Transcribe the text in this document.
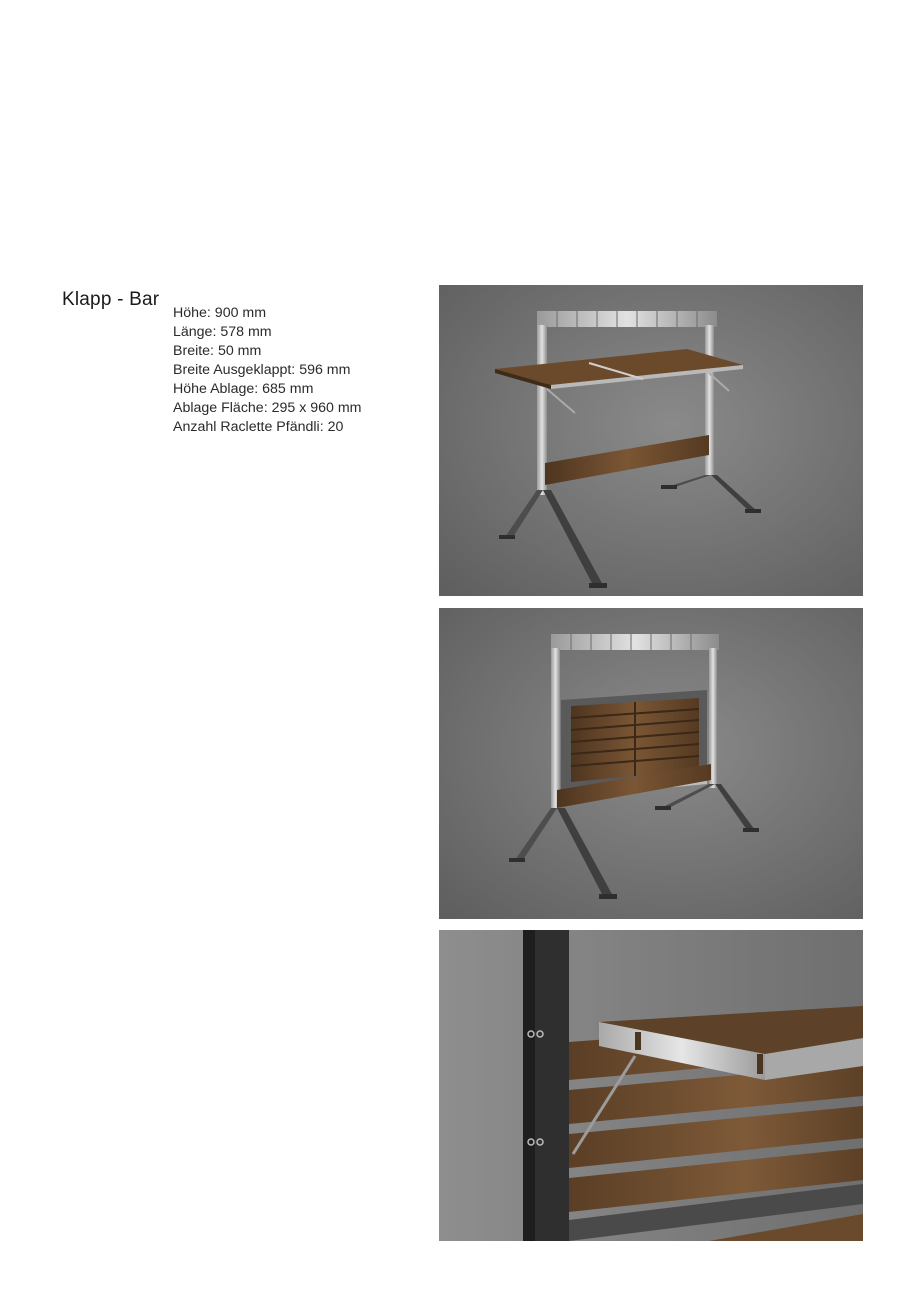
Klapp - Bar
Höhe: 900 mm
Länge: 578 mm
Breite: 50 mm
Breite Ausgeklappt: 596 mm
Höhe Ablage: 685 mm
Ablage Fläche: 295 x 960 mm
Anzahl Raclette Pfändli: 20
